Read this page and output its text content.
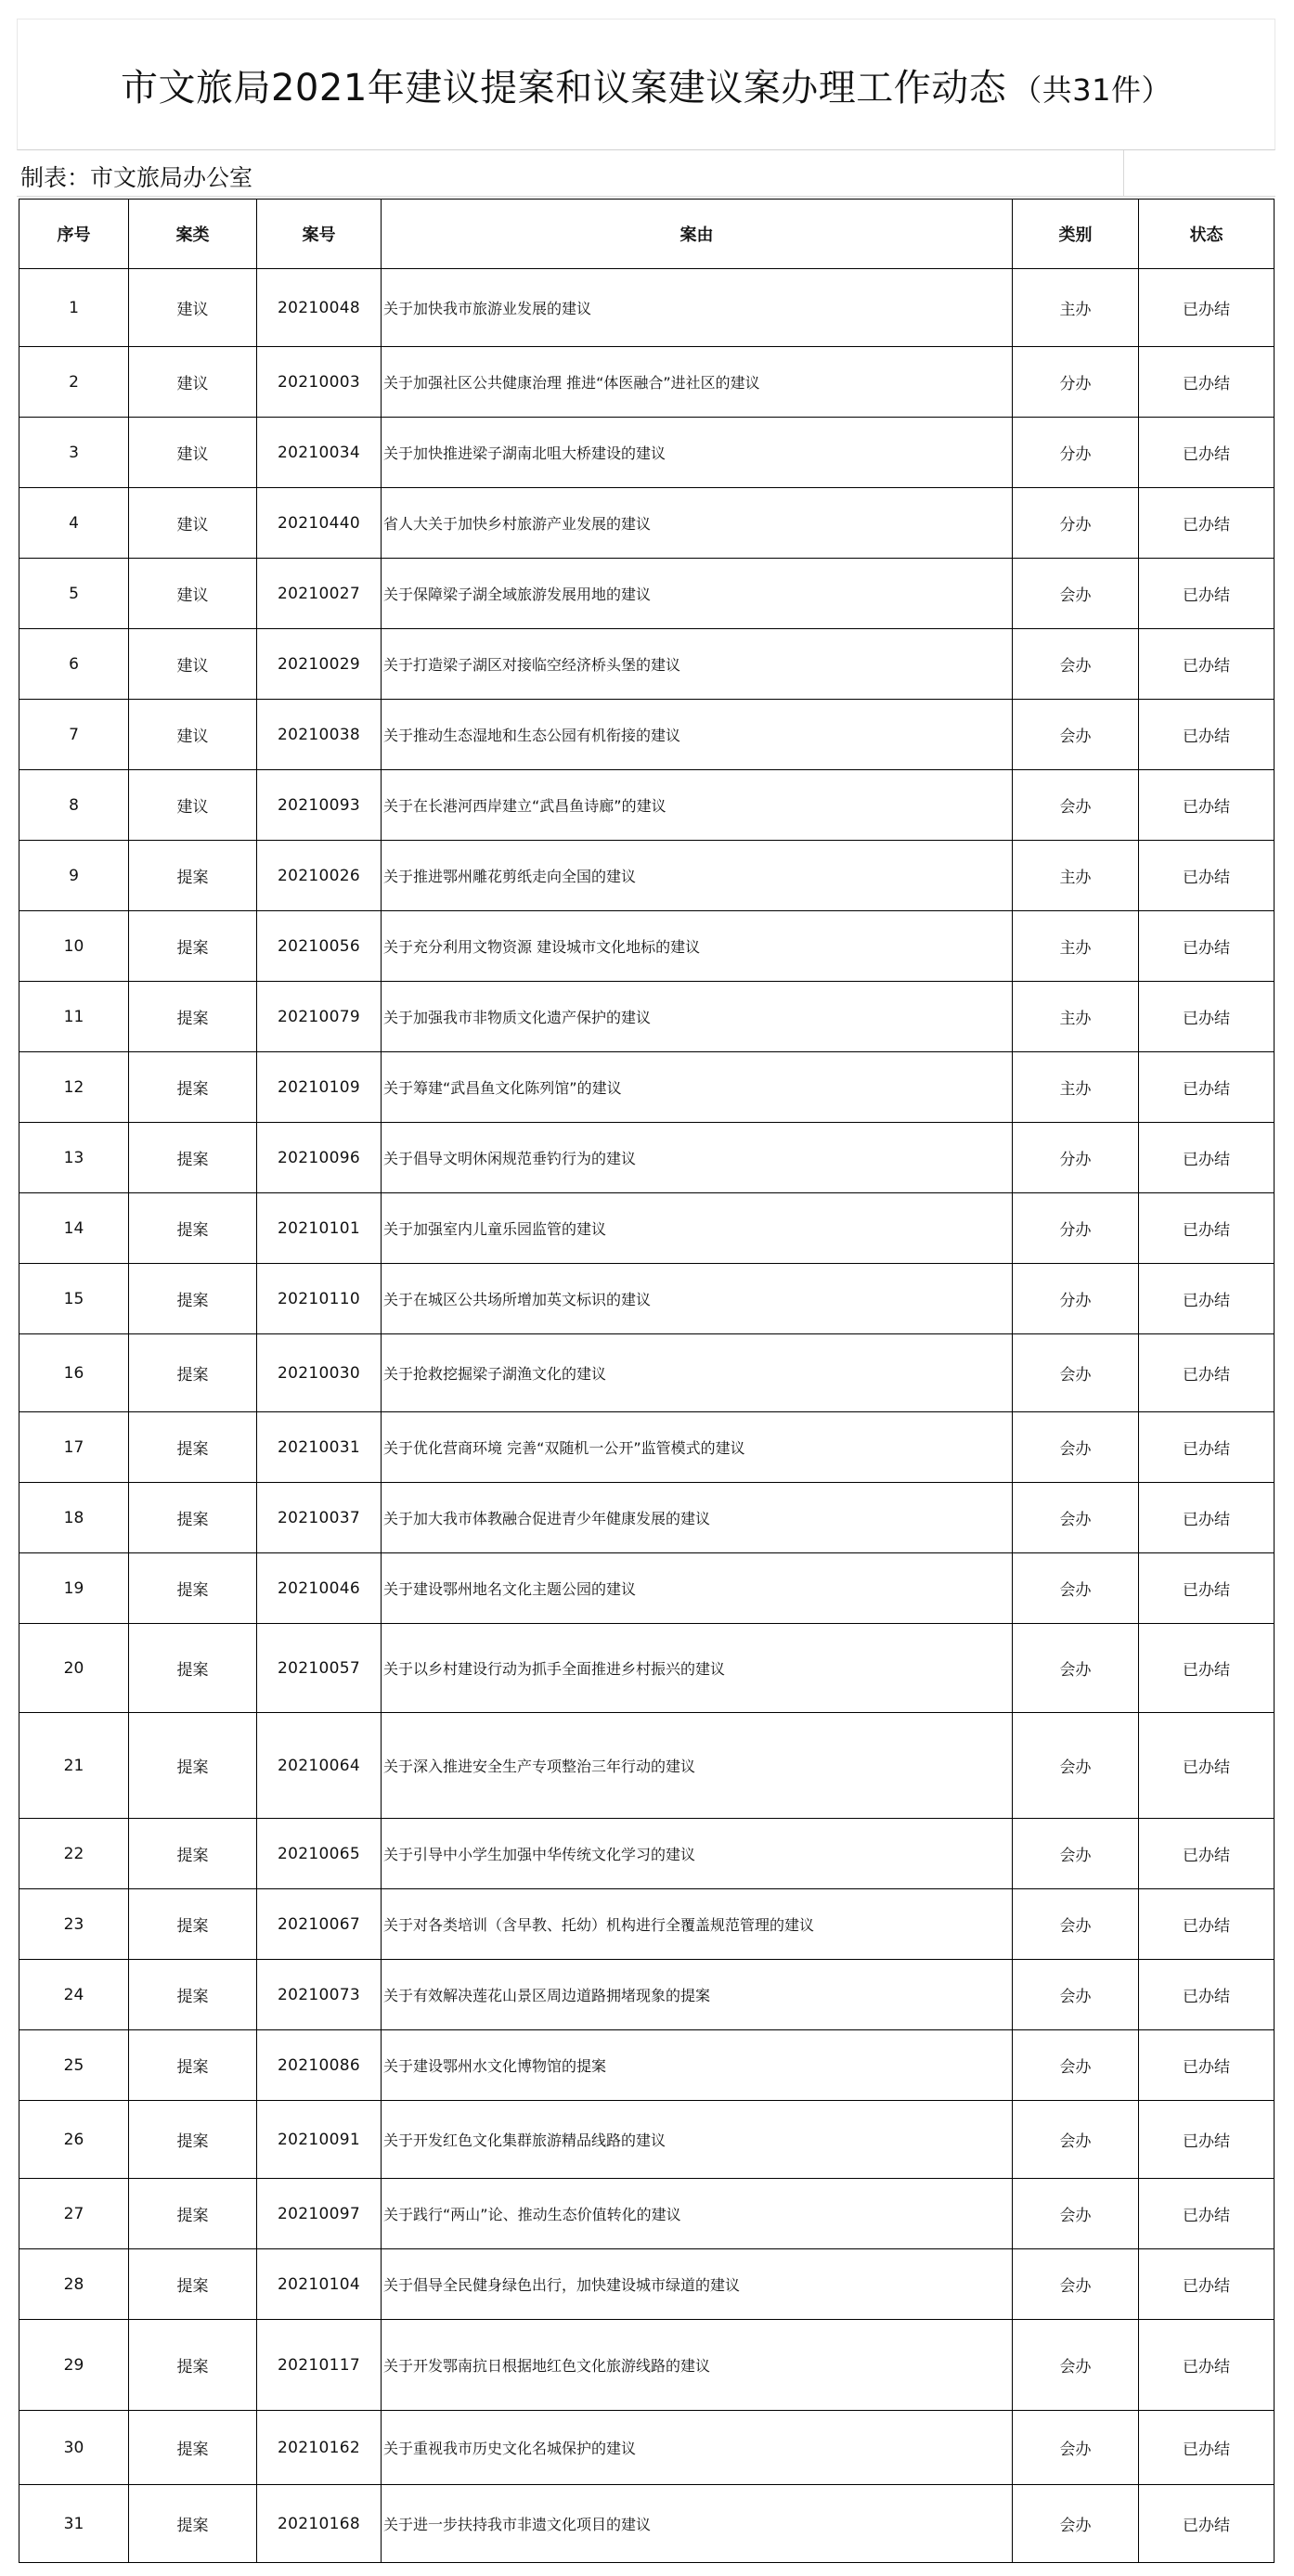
市文旅局2021年建议提案和议案建议案办理工作动态 （共31件）
制表：市文旅局办公室
序号	案类	案号	案由	类别	状态
1	建议	20210048	关于加快我市旅游业发展的建议	主办	已办结
2	建议	20210003	关于加强社区公共健康治理 推进“体医融合”进社区的建议	分办	已办结
3	建议	20210034	关于加快推进梁子湖南北咀大桥建设的建议	分办	已办结
4	建议	20210440	省人大关于加快乡村旅游产业发展的建议	分办	已办结
5	建议	20210027	关于保障梁子湖全域旅游发展用地的建议	会办	已办结
6	建议	20210029	关于打造梁子湖区对接临空经济桥头堡的建议	会办	已办结
7	建议	20210038	关于推动生态湿地和生态公园有机衔接的建议	会办	已办结
8	建议	20210093	关于在长港河西岸建立“武昌鱼诗廊”的建议	会办	已办结
9	提案	20210026	关于推进鄂州雕花剪纸走向全国的建议	主办	已办结
10	提案	20210056	关于充分利用文物资源 建设城市文化地标的建议	主办	已办结
11	提案	20210079	关于加强我市非物质文化遗产保护的建议	主办	已办结
12	提案	20210109	关于筹建“武昌鱼文化陈列馆”的建议	主办	已办结
13	提案	20210096	关于倡导文明休闲规范垂钓行为的建议	分办	已办结
14	提案	20210101	关于加强室内儿童乐园监管的建议	分办	已办结
15	提案	20210110	关于在城区公共场所增加英文标识的建议	分办	已办结
16	提案	20210030	关于抢救挖掘梁子湖渔文化的建议	会办	已办结
17	提案	20210031	关于优化营商环境 完善“双随机一公开”监管模式的建议	会办	已办结
18	提案	20210037	关于加大我市体教融合促进青少年健康发展的建议	会办	已办结
19	提案	20210046	关于建设鄂州地名文化主题公园的建议	会办	已办结
20	提案	20210057	关于以乡村建设行动为抓手全面推进乡村振兴的建议	会办	已办结
21	提案	20210064	关于深入推进安全生产专项整治三年行动的建议	会办	已办结
22	提案	20210065	关于引导中小学生加强中华传统文化学习的建议	会办	已办结
23	提案	20210067	关于对各类培训（含早教、托幼）机构进行全覆盖规范管理的建议	会办	已办结
24	提案	20210073	关于有效解决莲花山景区周边道路拥堵现象的提案	会办	已办结
25	提案	20210086	关于建设鄂州水文化博物馆的提案	会办	已办结
26	提案	20210091	关于开发红色文化集群旅游精品线路的建议	会办	已办结
27	提案	20210097	关于践行“两山”论、推动生态价值转化的建议	会办	已办结
28	提案	20210104	关于倡导全民健身绿色出行，加快建设城市绿道的建议	会办	已办结
29	提案	20210117	关于开发鄂南抗日根据地红色文化旅游线路的建议	会办	已办结
30	提案	20210162	关于重视我市历史文化名城保护的建议	会办	已办结
31	提案	20210168	关于进一步扶持我市非遗文化项目的建议	会办	已办结
